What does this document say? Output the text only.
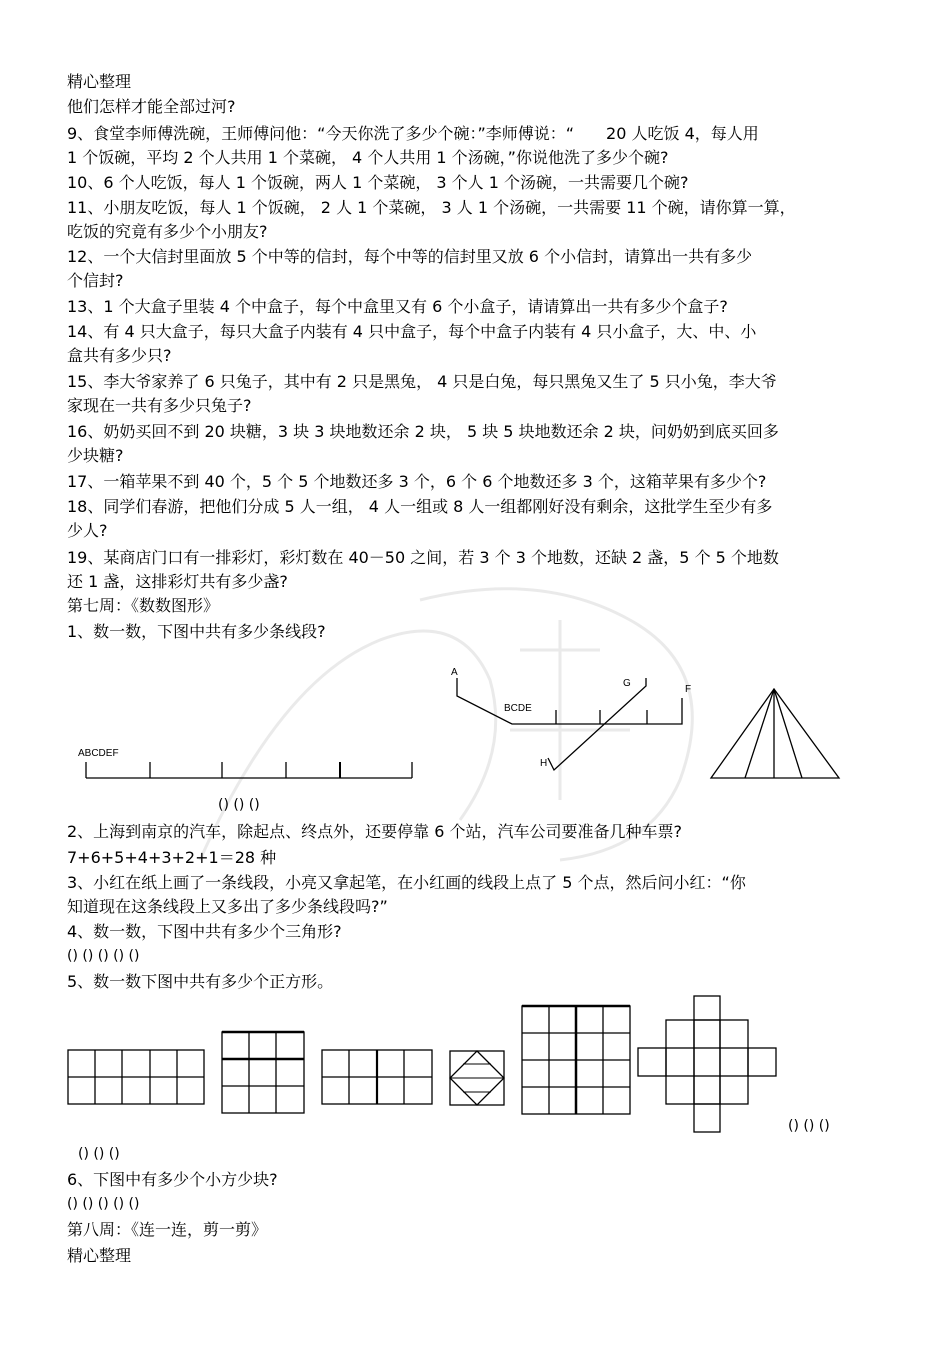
精心整理
他们怎样才能全部过河?
9、食堂李师傅洗碗，王师傅问他：“今天你洗了多少个碗：”李师傅说：“　　20 人吃饭 4，每人用
1 个饭碗，平均 2 个人共用 1 个菜碗， 4 个人共用 1 个汤碗，”你说他洗了多少个碗?
10、6 个人吃饭，每人 1 个饭碗，两人 1 个菜碗， 3 个人 1 个汤碗，一共需要几个碗?
11、小朋友吃饭，每人 1 个饭碗， 2 人 1 个菜碗， 3 人 1 个汤碗，一共需要 11 个碗，请你算一算，
吃饭的究竟有多少个小朋友?
12、一个大信封里面放 5 个中等的信封，每个中等的信封里又放 6 个小信封，请算出一共有多少
个信封?
13、1 个大盒子里装 4 个中盒子，每个中盒里又有 6 个小盒子，请请算出一共有多少个盒子?
14、有 4 只大盒子，每只大盒子内装有 4 只中盒子，每个中盒子内装有 4 只小盒子，大、中、小
盒共有多少只?
15、李大爷家养了 6 只兔子，其中有 2 只是黑兔， 4 只是白兔，每只黑兔又生了 5 只小兔，李大爷
家现在一共有多少只兔子?
16、奶奶买回不到 20 块糖，3 块 3 块地数还余 2 块， 5 块 5 块地数还余 2 块，问奶奶到底买回多
少块糖?
17、一箱苹果不到 40 个，5 个 5 个地数还多 3 个，6 个 6 个地数还多 3 个，这箱苹果有多少个?
18、同学们春游，把他们分成 5 人一组， 4 人一组或 8 人一组都刚好没有剩余，这批学生至少有多
少人?
19、某商店门口有一排彩灯，彩灯数在 40－50 之间，若 3 个 3 个地数，还缺 2 盏，5 个 5 个地数
还 1 盏，这排彩灯共有多少盏?
第七周：《数数图形》
1、数一数，下图中共有多少条线段?
ABCDEF
A
BCDE
G
F
H
() () ()
2、上海到南京的汽车，除起点、终点外，还要停靠 6 个站，汽车公司要准备几种车票?
7+6+5+4+3+2+1＝28 种
3、小红在纸上画了一条线段，小亮又拿起笔，在小红画的线段上点了 5 个点，然后问小红：“你
知道现在这条线段上又多出了多少条线段吗?”
4、数一数，下图中共有多少个三角形?
() () () () ()
5、数一数下图中共有多少个正方形。
() () ()
() () ()
6、下图中有多少个小方少块?
() () () () ()
第八周：《连一连，剪一剪》
精心整理
